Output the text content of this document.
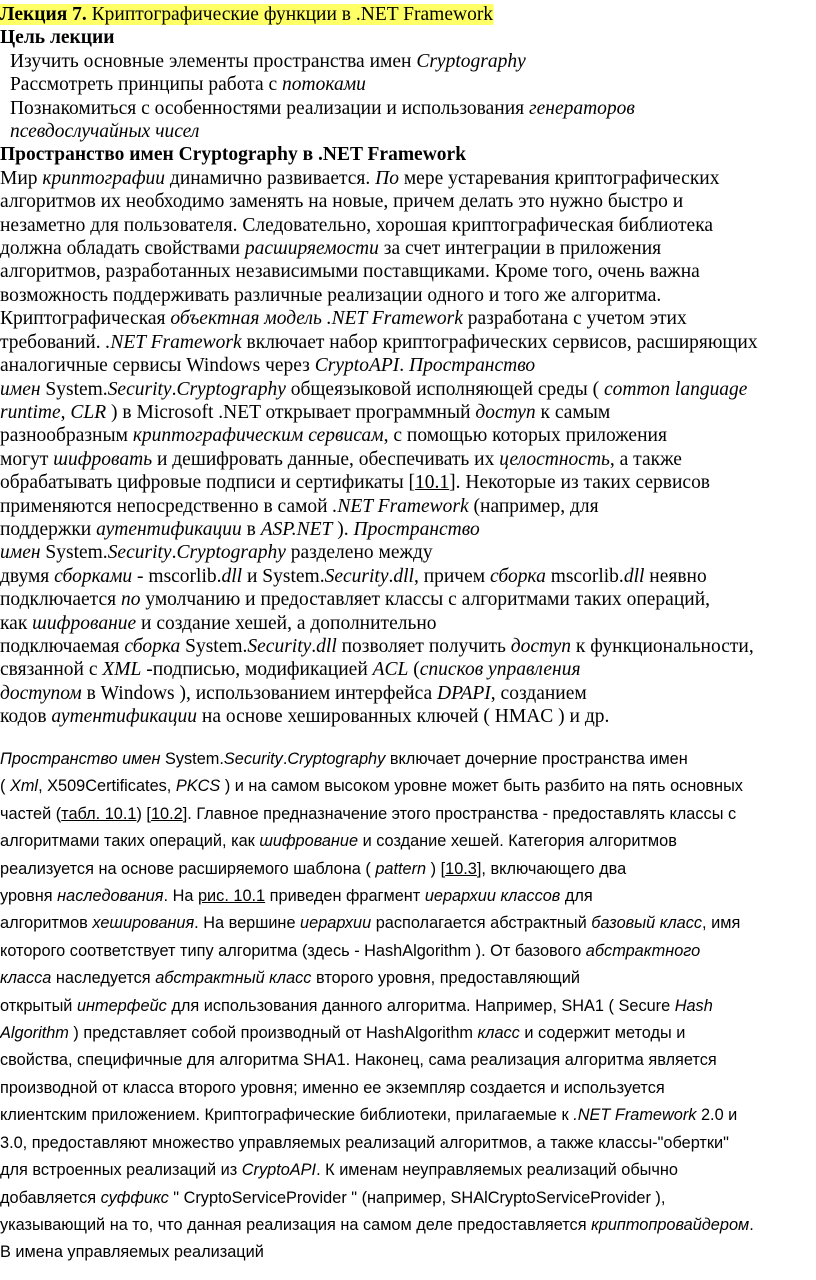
Лекция 7. Криптографические функции в .NET Framework
Цель лекции
Изучить основные элементы пространства имен Cryptography
Рассмотреть принципы работа с потоками
Познакомиться с особенностями реализации и использования генераторов
псевдослучайных чисел
Пространство имен Cryptography в .NET Framework
Мир криптографии динамично развивается. По мере устаревания криптографических
алгоритмов их необходимо заменять на новые, причем делать это нужно быстро и
незаметно для пользователя. Следовательно, хорошая криптографическая библиотека
должна обладать свойствами расширяемости за счет интеграции в приложения
алгоритмов, разработанных независимыми поставщиками. Кроме того, очень важна
возможность поддерживать различные реализации одного и того же алгоритма.
Криптографическая объектная модель .NET Framework разработана с учетом этих
требований. .NET Framework включает набор криптографических сервисов, расширяющих
аналогичные сервисы Windows через CryptoAPI. Пространство
имен System.Security.Cryptography общеязыковой исполняющей среды ( common language
runtime, CLR ) в Microsoft .NET открывает программный доступ к самым
разнообразным криптографическим сервисам, с помощью которых приложения
могут шифровать и дешифровать данные, обеспечивать их целостность, а также
обрабатывать цифровые подписи и сертификаты [10.1]. Некоторые из таких сервисов
применяются непосредственно в самой .NET Framework (например, для
поддержки аутентификации в ASP.NET ). Пространство
имен System.Security.Cryptography разделено между
двумя сборками - mscorlib.dll и System.Security.dll, причем сборка mscorlib.dll неявно
подключается по умолчанию и предоставляет классы с алгоритмами таких операций,
как шифрование и создание хешей, а дополнительно
подключаемая сборка System.Security.dll позволяет получить доступ к функциональности,
связанной с XML -подписью, модификацией ACL (списков управления
доступом в Windows ), использованием интерфейса DPAPI, созданием
кодов аутентификации на основе хешированных ключей ( HMAC ) и др.
Пространство имен System.Security.Cryptography включает дочерние пространства имен
( Xml, X509Certificates, PKCS ) и на самом высоком уровне может быть разбито на пять основных
частей (табл. 10.1) [10.2]. Главное предназначение этого пространства - предоставлять классы с
алгоритмами таких операций, как шифрование и создание хешей. Категория алгоритмов
реализуется на основе расширяемого шаблона ( pattern ) [10.3], включающего два
уровня наследования. На рис. 10.1 приведен фрагмент иерархии классов для
алгоритмов хеширования. На вершине иерархии располагается абстрактный базовый класс, имя
которого соответствует типу алгоритма (здесь - HashAlgorithm ). От базового абстрактного
класса наследуется абстрактный класс второго уровня, предоставляющий
открытый интерфейс для использования данного алгоритма. Например, SHA1 ( Secure Hash
Algorithm ) представляет собой производный от HashAlgorithm класс и содержит методы и
свойства, специфичные для алгоритма SHA1. Наконец, сама реализация алгоритма является
производной от класса второго уровня; именно ее экземпляр создается и используется
клиентским приложением. Криптографические библиотеки, прилагаемые к .NET Framework 2.0 и
3.0, предоставляют множество управляемых реализаций алгоритмов, а также классы-"обертки"
для встроенных реализаций из CryptoAPI. К именам неуправляемых реализаций обычно
добавляется суффикс " CryptoServiceProvider " (например, SHAlCryptoServiceProvider ),
указывающий на то, что данная реализация на самом деле предоставляется криптопровайдером.
В имена управляемых реализаций
